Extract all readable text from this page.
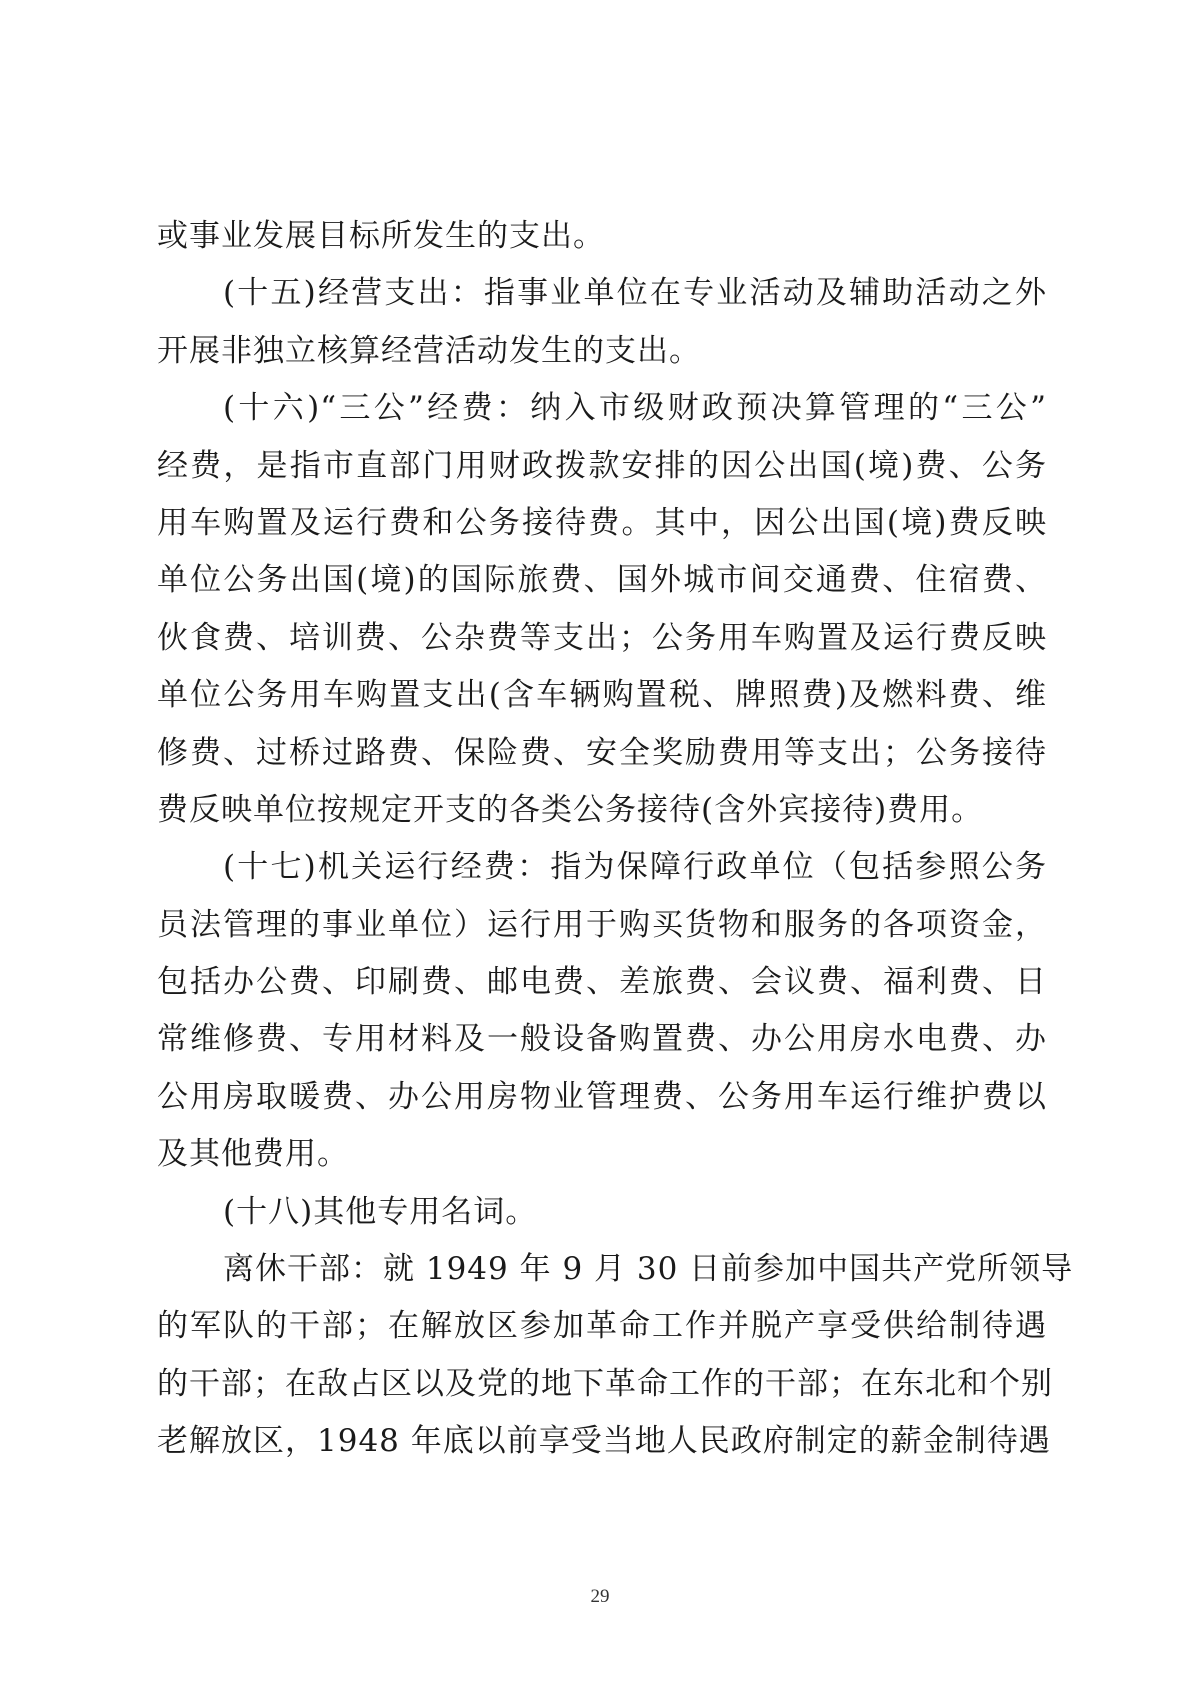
或事业发展目标所发生的支出。
(十五)经营支出：指事业单位在专业活动及辅助活动之外
开展非独立核算经营活动发生的支出。
(十六)“三公”经费：纳入市级财政预决算管理的“三公”
经费，是指市直部门用财政拨款安排的因公出国(境)费、公务
用车购置及运行费和公务接待费。其中，因公出国(境)费反映
单位公务出国(境)的国际旅费、国外城市间交通费、住宿费、
伙食费、培训费、公杂费等支出；公务用车购置及运行费反映
单位公务用车购置支出(含车辆购置税、牌照费)及燃料费、维
修费、过桥过路费、保险费、安全奖励费用等支出；公务接待
费反映单位按规定开支的各类公务接待(含外宾接待)费用。
(十七)机关运行经费：指为保障行政单位（包括参照公务
员法管理的事业单位）运行用于购买货物和服务的各项资金，
包括办公费、印刷费、邮电费、差旅费、会议费、福利费、日
常维修费、专用材料及一般设备购置费、办公用房水电费、办
公用房取暖费、办公用房物业管理费、公务用车运行维护费以
及其他费用。
(十八)其他专用名词。
离休干部：就 1949 年 9 月 30 日前参加中国共产党所领导
的军队的干部；在解放区参加革命工作并脱产享受供给制待遇
的干部；在敌占区以及党的地下革命工作的干部；在东北和个别
老解放区，1948 年底以前享受当地人民政府制定的薪金制待遇
29
